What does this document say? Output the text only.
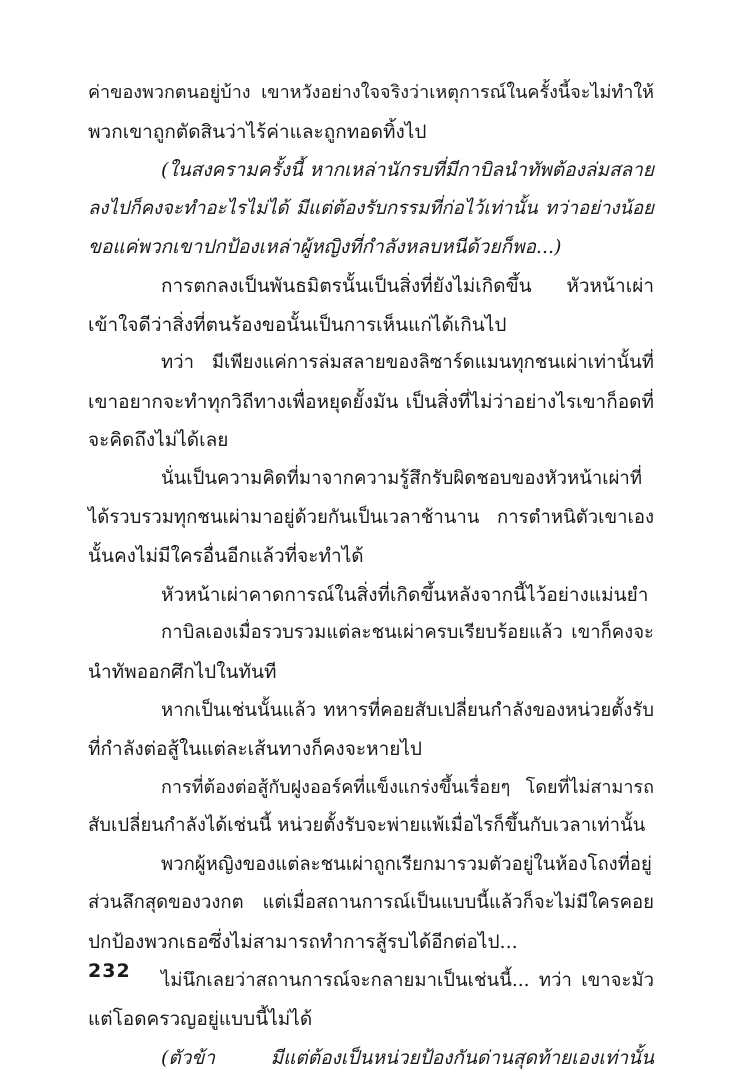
ค่าของพวกตนอยู่บ้าง เขาหวังอย่างใจจริงว่าเหตุการณ์ในครั้งนี้จะไม่ทำให้
พวกเขาถูกตัดสินว่าไร้ค่าและถูกทอดทิ้งไป
(ในสงครามครั้งนี้ หากเหล่านักรบที่มีกาบิลนำทัพต้องล่มสลาย
ลงไปก็คงจะทำอะไรไม่ได้ มีแต่ต้องรับกรรมที่ก่อไว้เท่านั้น ทว่าอย่างน้อย
ขอแค่พวกเขาปกป้องเหล่าผู้หญิงที่กำลังหลบหนีด้วยก็พอ...)
การตกลงเป็นพันธมิตรนั้นเป็นสิ่งที่ยังไม่เกิดขึ้น หัวหน้าเผ่า
เข้าใจดีว่าสิ่งที่ตนร้องขอนั้นเป็นการเห็นแก่ได้เกินไป
ทว่า มีเพียงแค่การล่มสลายของลิซาร์ดแมนทุกชนเผ่าเท่านั้นที่
เขาอยากจะทำทุกวิถีทางเพื่อหยุดยั้งมัน เป็นสิ่งที่ไม่ว่าอย่างไรเขาก็อดที่
จะคิดถึงไม่ได้เลย
นั่นเป็นความคิดที่มาจากความรู้สึกรับผิดชอบของหัวหน้าเผ่าที่
ได้รวบรวมทุกชนเผ่ามาอยู่ด้วยกันเป็นเวลาช้านาน การตำหนิตัวเขาเอง
นั้นคงไม่มีใครอื่นอีกแล้วที่จะทำได้
หัวหน้าเผ่าคาดการณ์ในสิ่งที่เกิดขึ้นหลังจากนี้ไว้อย่างแม่นยำ
กาบิลเองเมื่อรวบรวมแต่ละชนเผ่าครบเรียบร้อยแล้ว เขาก็คงจะ
นำทัพออกศึกไปในทันที
หากเป็นเช่นนั้นแล้ว ทหารที่คอยสับเปลี่ยนกำลังของหน่วยตั้งรับ
ที่กำลังต่อสู้ในแต่ละเส้นทางก็คงจะหายไป
การที่ต้องต่อสู้กับฝูงออร์คที่แข็งแกร่งขึ้นเรื่อยๆ โดยที่ไม่สามารถ
สับเปลี่ยนกำลังได้เช่นนี้ หน่วยตั้งรับจะพ่ายแพ้เมื่อไรก็ขึ้นกับเวลาเท่านั้น
พวกผู้หญิงของแต่ละชนเผ่าถูกเรียกมารวมตัวอยู่ในห้องโถงที่อยู่
ส่วนลึกสุดของวงกต แต่เมื่อสถานการณ์เป็นแบบนี้แล้วก็จะไม่มีใครคอย
ปกป้องพวกเธอซึ่งไม่สามารถทำการสู้รบได้อีกต่อไป...
ไม่นึกเลยว่าสถานการณ์จะกลายมาเป็นเช่นนี้... ทว่า เขาจะมัว
แต่โอดครวญอยู่แบบนี้ไม่ได้
(ตัวข้า มีแต่ต้องเป็นหน่วยป้องกันด่านสุดท้ายเองเท่านั้น
232
